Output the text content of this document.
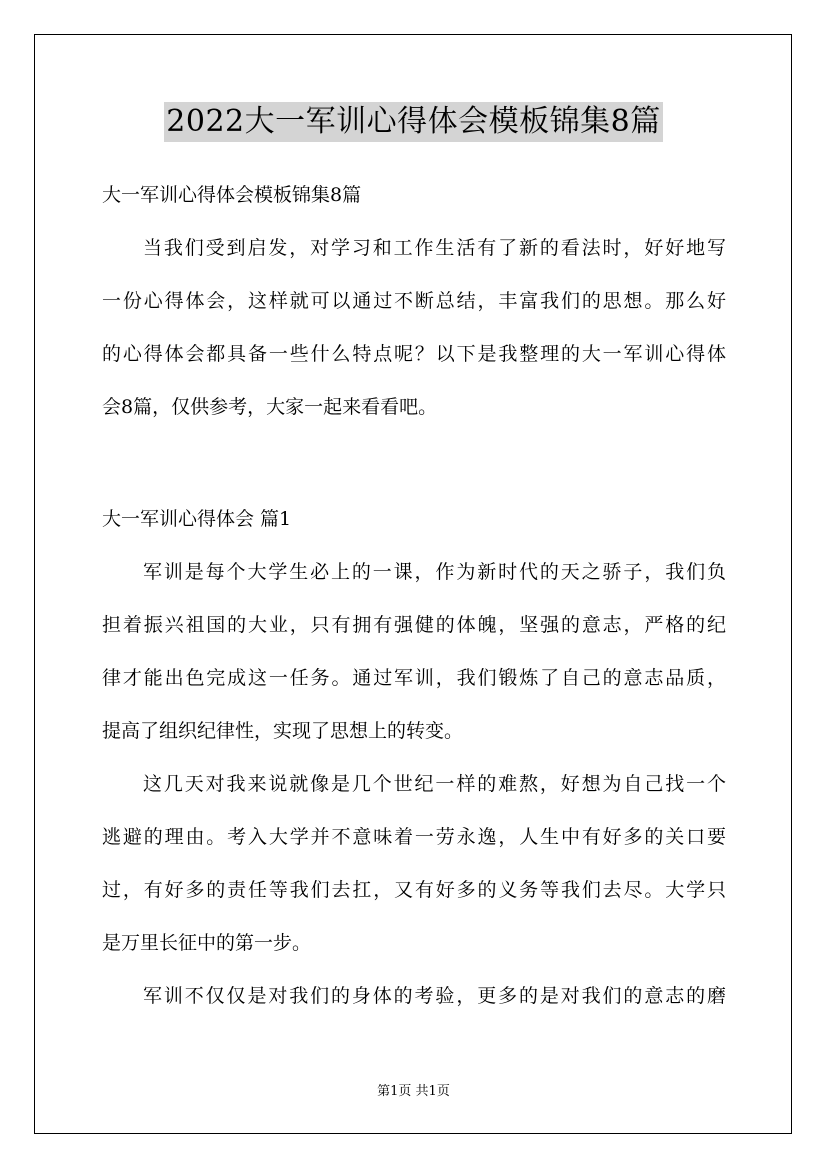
2022大一军训心得体会模板锦集8篇
大一军训心得体会模板锦集8篇
当我们受到启发，对学习和工作生活有了新的看法时，好好地写
一份心得体会，这样就可以通过不断总结，丰富我们的思想。那么好
的心得体会都具备一些什么特点呢？以下是我整理的大一军训心得体
会8篇，仅供参考，大家一起来看看吧。
大一军训心得体会 篇1
军训是每个大学生必上的一课，作为新时代的天之骄子，我们负
担着振兴祖国的大业，只有拥有强健的体魄，坚强的意志，严格的纪
律才能出色完成这一任务。通过军训，我们锻炼了自己的意志品质，
提高了组织纪律性，实现了思想上的转变。
这几天对我来说就像是几个世纪一样的难熬，好想为自己找一个
逃避的理由。考入大学并不意味着一劳永逸，人生中有好多的关口要
过，有好多的责任等我们去扛，又有好多的义务等我们去尽。大学只
是万里长征中的第一步。
军训不仅仅是对我们的身体的考验，更多的是对我们的意志的磨
第1页 共1页
